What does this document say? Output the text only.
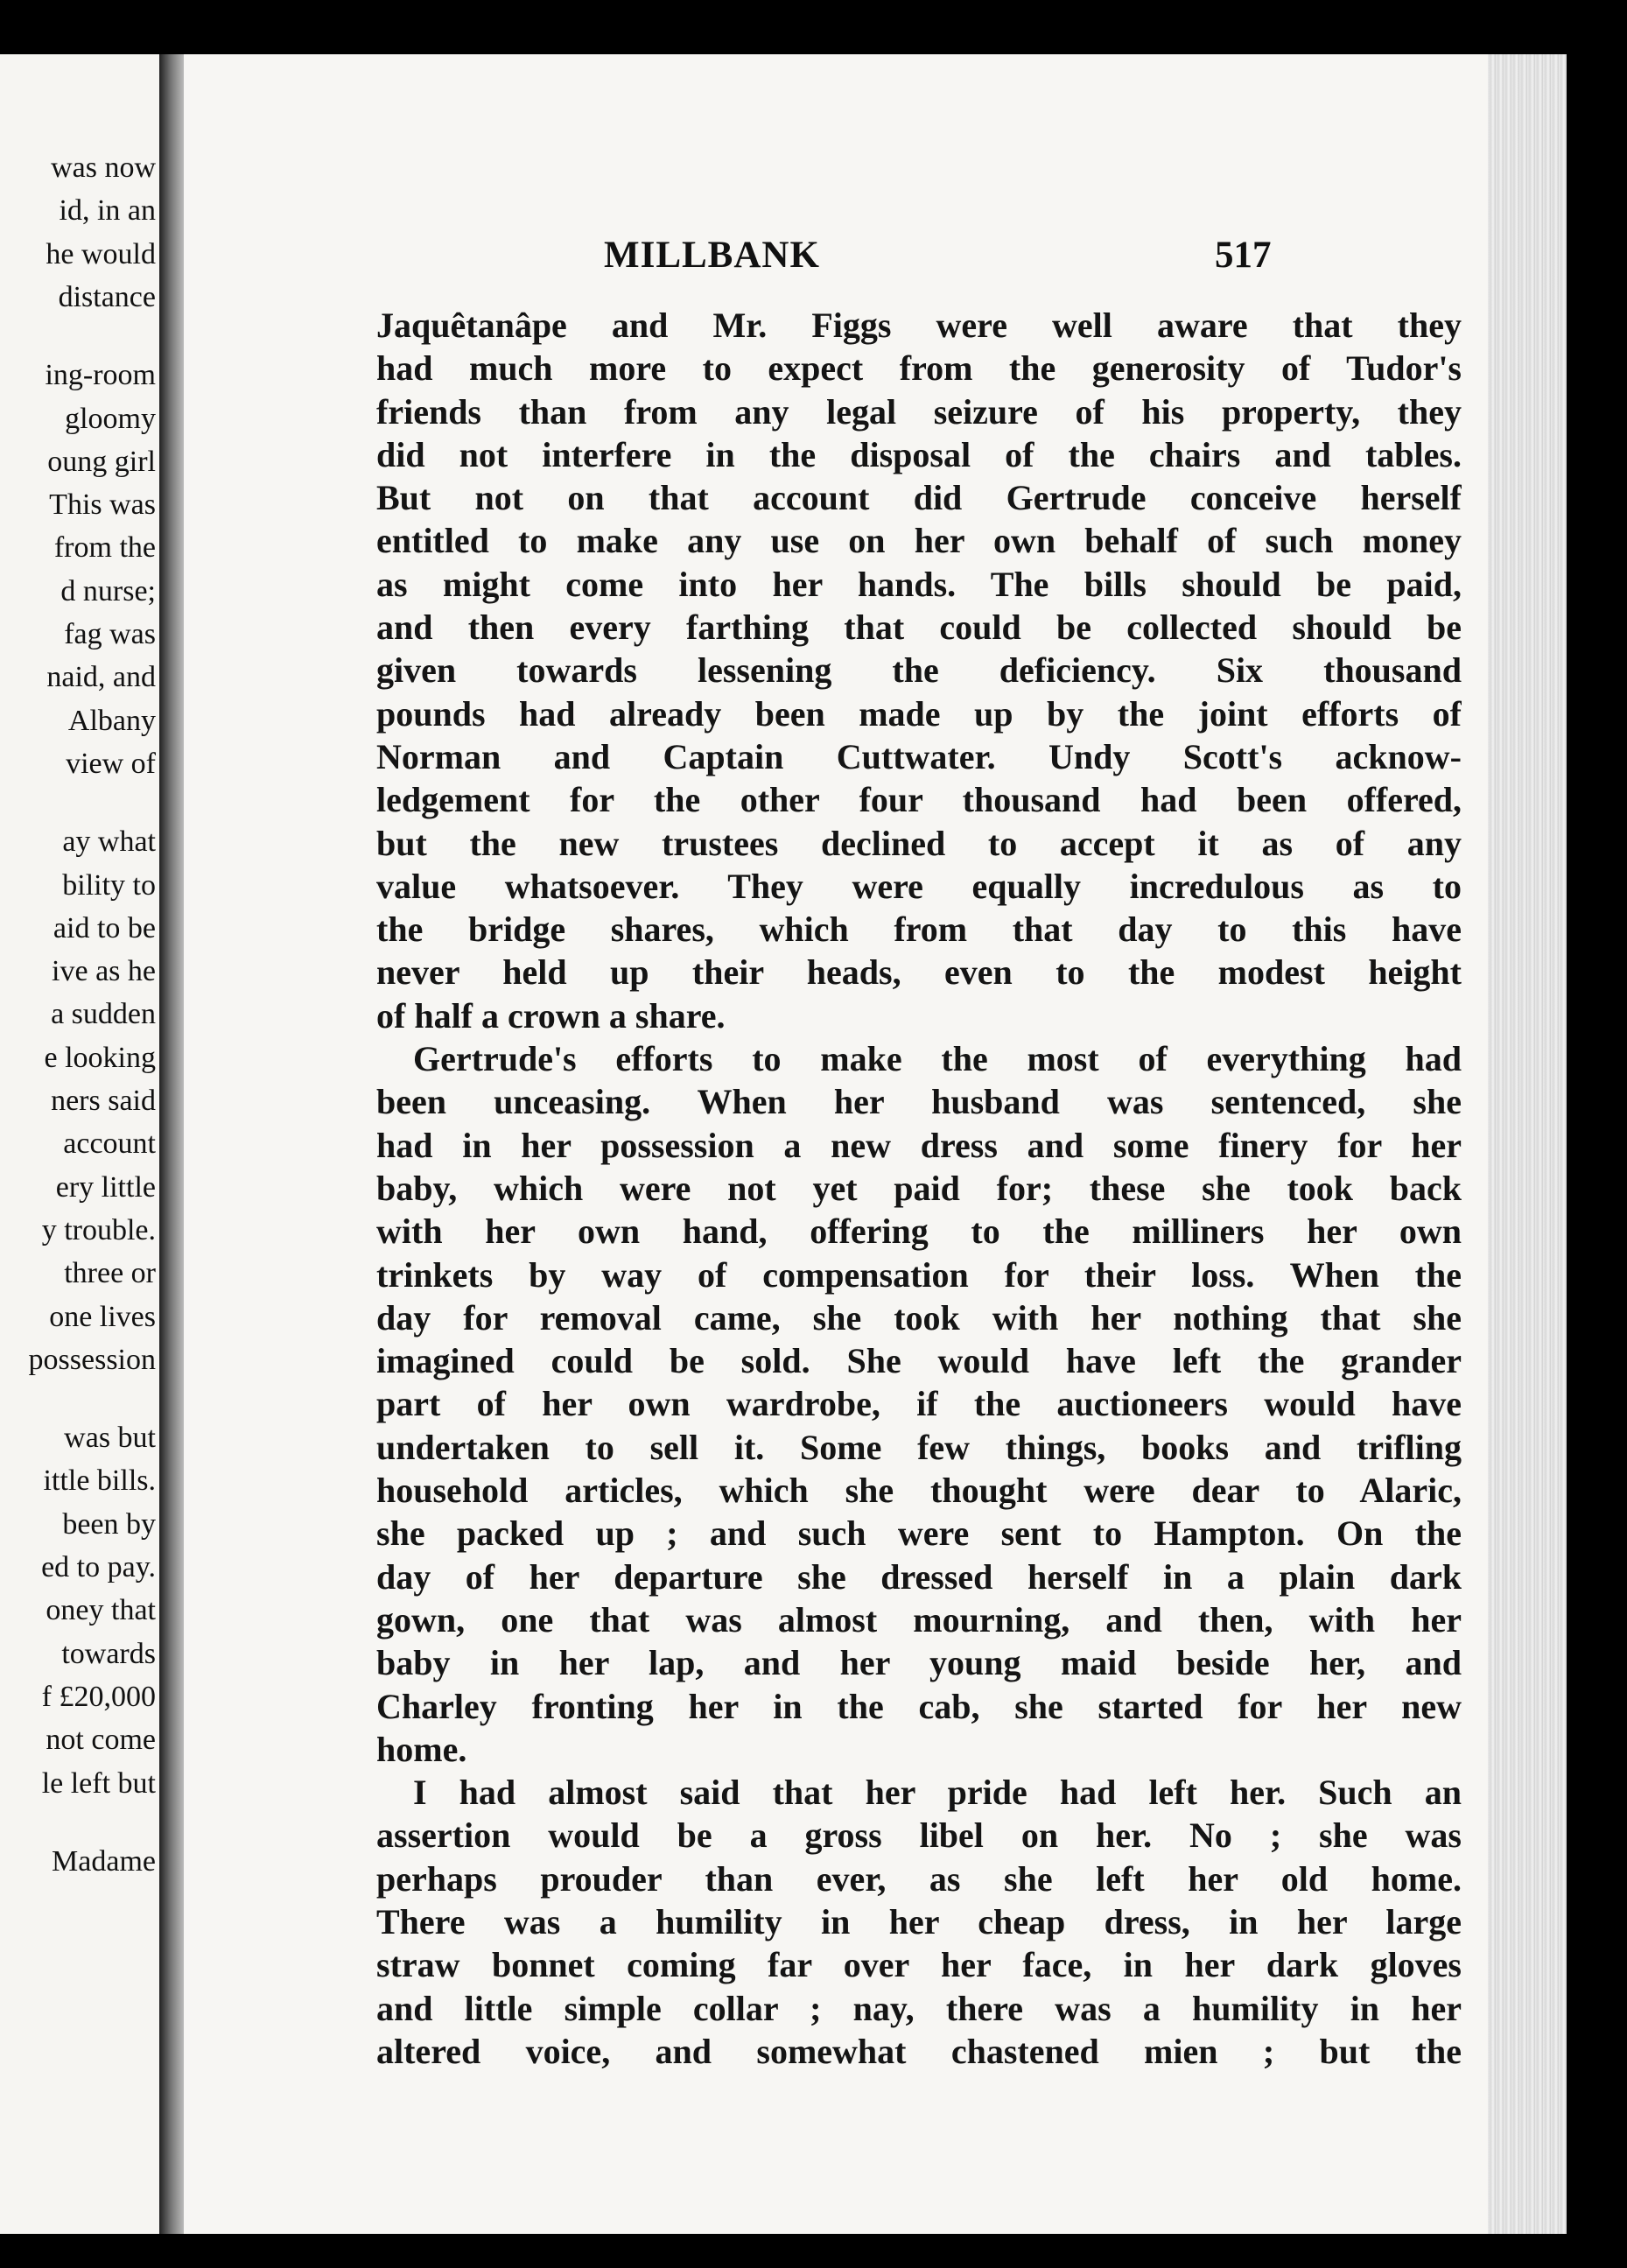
was now
id, in an
he would
distance
ing-room
gloomy
oung girl
This was
from the
d nurse;
fag was
naid, and
Albany
view of
ay what
bility to
aid to be
ive as he
a sudden
e looking
ners said
account
ery little
y trouble.
three or
one lives
possession
was but
ittle bills.
been by
ed to pay.
oney that
towards
f £20,000
not come
le left but
Madame
MILLBANK	517
Jaquêtanâpe and Mr. Figgs were well aware that they
had much more to expect from the generosity of Tudor's
friends than from any legal seizure of his property, they
did not interfere in the disposal of the chairs and tables.
But not on that account did Gertrude conceive herself
entitled to make any use on her own behalf of such money
as might come into her hands. The bills should be paid,
and then every farthing that could be collected should be
given towards lessening the deficiency. Six thousand
pounds had already been made up by the joint efforts of
Norman and Captain Cuttwater. Undy Scott's acknow-
ledgement for the other four thousand had been offered,
but the new trustees declined to accept it as of any
value whatsoever. They were equally incredulous as to
the bridge shares, which from that day to this have
never held up their heads, even to the modest height
of half a crown a share.
Gertrude's efforts to make the most of everything had
been unceasing. When her husband was sentenced, she
had in her possession a new dress and some finery for her
baby, which were not yet paid for; these she took back
with her own hand, offering to the milliners her own
trinkets by way of compensation for their loss. When the
day for removal came, she took with her nothing that she
imagined could be sold. She would have left the grander
part of her own wardrobe, if the auctioneers would have
undertaken to sell it. Some few things, books and trifling
household articles, which she thought were dear to Alaric,
she packed up ; and such were sent to Hampton. On the
day of her departure she dressed herself in a plain dark
gown, one that was almost mourning, and then, with her
baby in her lap, and her young maid beside her, and
Charley fronting her in the cab, she started for her new
home.
I had almost said that her pride had left her. Such an
assertion would be a gross libel on her. No ; she was
perhaps prouder than ever, as she left her old home.
There was a humility in her cheap dress, in her large
straw bonnet coming far over her face, in her dark gloves
and little simple collar ; nay, there was a humility in her
altered voice, and somewhat chastened mien ; but the
